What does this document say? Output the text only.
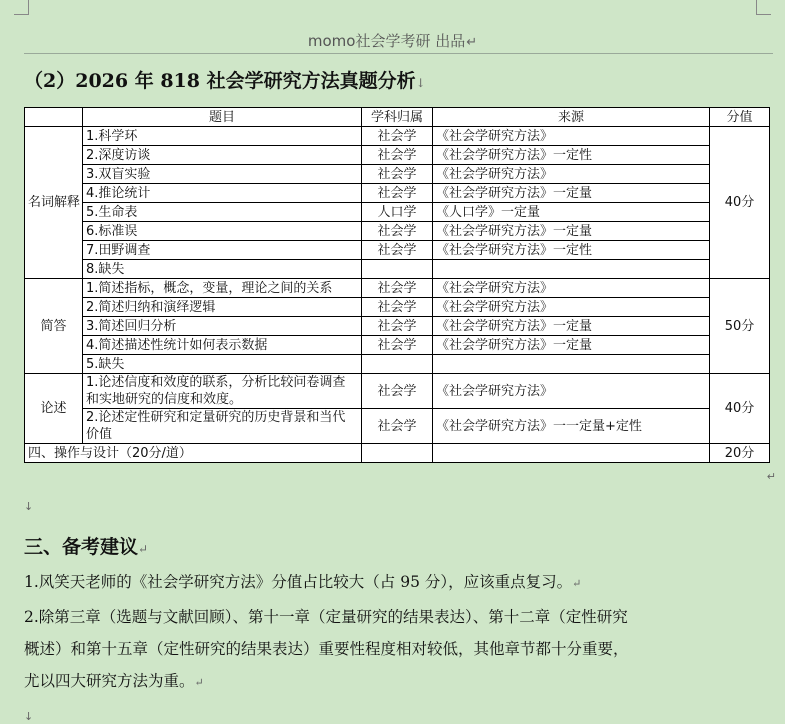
momo社会学考研 出品↵
（2）2026 年 818 社会学研究方法真题分析↓
	题目	学科归属	来源	分值
名词解释	1.科学环	社会学	《社会学研究方法》	40分
	2.深度访谈	社会学	《社会学研究方法》一定性	
	3.双盲实验	社会学	《社会学研究方法》	
	4.推论统计	社会学	《社会学研究方法》一定量	
	5.生命表	人口学	《人口学》一定量	
	6.标准误	社会学	《社会学研究方法》一定量	
	7.田野调查	社会学	《社会学研究方法》一定性	
	8.缺失			
简答	1.简述指标，概念，变量，理论之间的关系	社会学	《社会学研究方法》	50分
	2.简述归纳和演绎逻辑	社会学	《社会学研究方法》	
	3.简述回归分析	社会学	《社会学研究方法》一定量	
	4.简述描述性统计如何表示数据	社会学	《社会学研究方法》一定量	
	5.缺失			
论述	1.论述信度和效度的联系，分析比较问卷调查和实地研究的信度和效度。	社会学	《社会学研究方法》	40分
	2.论述定性研究和定量研究的历史背景和当代价值	社会学	《社会学研究方法》一一定量+定性	
四、操作与设计（20分/道）				20分
↵
↓
三、备考建议↵
1.风笑天老师的《社会学研究方法》分值占比较大（占 95 分），应该重点复习。↵
2.除第三章（选题与文献回顾）、第十一章（定量研究的结果表达）、第十二章（定性研究
概述）和第十五章（定性研究的结果表达）重要性程度相对较低，其他章节都十分重要，
尤以四大研究方法为重。↵
↓
